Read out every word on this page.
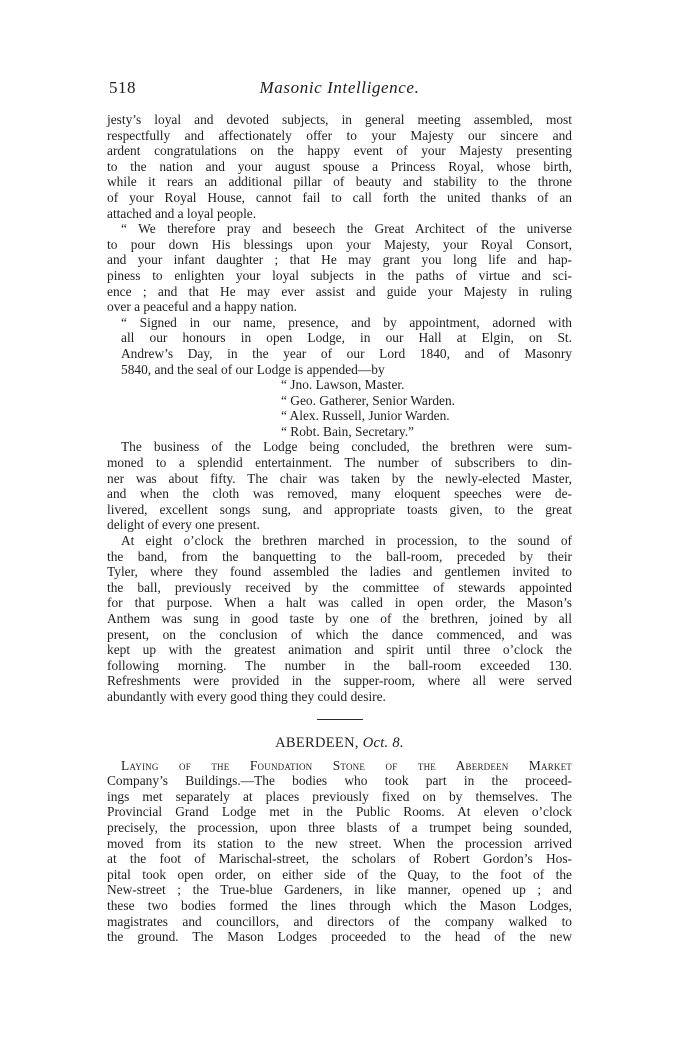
518	Masonic Intelligence.
jesty’s loyal and devoted subjects, in general meeting assembled, most
respectfully and affectionately offer to your Majesty our sincere and
ardent congratulations on the happy event of your Majesty presenting
to the nation and your august spouse a Princess Royal, whose birth,
while it rears an additional pillar of beauty and stability to the throne
of your Royal House, cannot fail to call forth the united thanks of an
attached and a loyal people.
“ We therefore pray and beseech the Great Architect of the universe
to pour down His blessings upon your Majesty, your Royal Consort,
and your infant daughter ; that He may grant you long life and hap-
piness to enlighten your loyal subjects in the paths of virtue and sci-
ence ; and that He may ever assist and guide your Majesty in ruling
over a peaceful and a happy nation.
“ Signed in our name, presence, and by appointment, adorned with
all our honours in open Lodge, in our Hall at Elgin, on St.
Andrew’s Day, in the year of our Lord 1840, and of Masonry
5840, and the seal of our Lodge is appended—by
“ Jno. Lawson, Master.
“ Geo. Gatherer, Senior Warden.
“ Alex. Russell, Junior Warden.
“ Robt. Bain, Secretary.”
The business of the Lodge being concluded, the brethren were sum-
moned to a splendid entertainment. The number of subscribers to din-
ner was about fifty. The chair was taken by the newly-elected Master,
and when the cloth was removed, many eloquent speeches were de-
livered, excellent songs sung, and appropriate toasts given, to the great
delight of every one present.
At eight o’clock the brethren marched in procession, to the sound of
the band, from the banquetting to the ball-room, preceded by their
Tyler, where they found assembled the ladies and gentlemen invited to
the ball, previously received by the committee of stewards appointed
for that purpose. When a halt was called in open order, the Mason’s
Anthem was sung in good taste by one of the brethren, joined by all
present, on the conclusion of which the dance commenced, and was
kept up with the greatest animation and spirit until three o’clock the
following morning. The number in the ball-room exceeded 130.
Refreshments were provided in the supper-room, where all were served
abundantly with every good thing they could desire.
ABERDEEN, Oct. 8.
Laying of the Foundation Stone of the Aberdeen Market
Company’s Buildings.—The bodies who took part in the proceed-
ings met separately at places previously fixed on by themselves. The
Provincial Grand Lodge met in the Public Rooms. At eleven o’clock
precisely, the procession, upon three blasts of a trumpet being sounded,
moved from its station to the new street. When the procession arrived
at the foot of Marischal-street, the scholars of Robert Gordon’s Hos-
pital took open order, on either side of the Quay, to the foot of the
New-street ; the True-blue Gardeners, in like manner, opened up ; and
these two bodies formed the lines through which the Mason Lodges,
magistrates and councillors, and directors of the company walked to
the ground. The Mason Lodges proceeded to the head of the new
